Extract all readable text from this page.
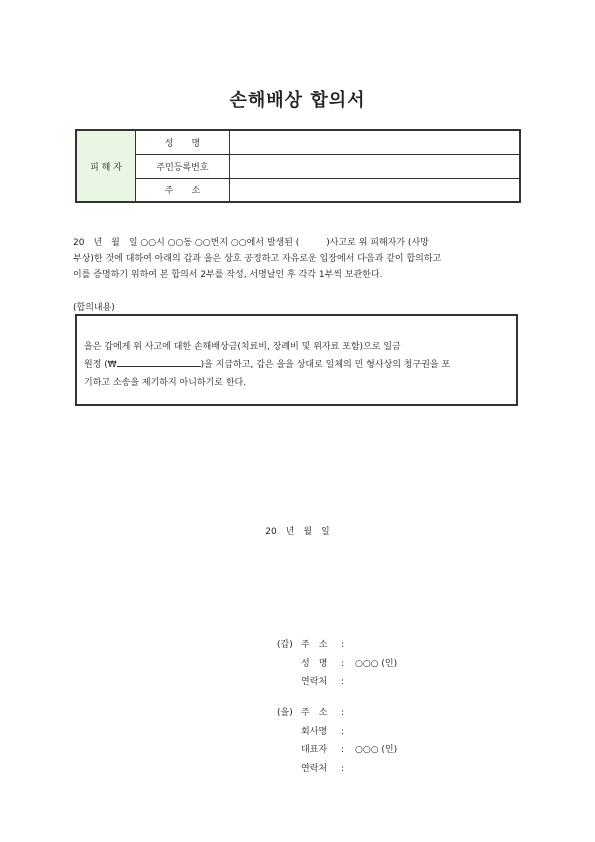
손해배상 합의서
피 해 자	성　　명	
	주민등록번호	
	주　　소	
20　년　월　일 ○○시 ○○동 ○○번지 ○○에서 발생된 (　　　)사고로 위 피해자가 (사망
부상)한 것에 대하여 아래의 갑과 을은 상호 공정하고 자유로운 입장에서 다음과 같이 합의하고
이를 증명하기 위하여 본 합의서 2부를 작성, 서명날인 후 각각 1부씩 보관한다.
(합의내용)
을은 갑에게 위 사고에 대한 손해배상금(치료비, 장례비 및 위자료 포함)으로 일금
원정 (₩	)을 지급하고, 갑은 을을 상대로 일체의 민 형사상의 청구권을 포
기하고 소송을 제기하지 아니하기로 한다.
20　년　월　일
(갑) 주　소 :
성　명 : ○○○ (인)
연락처 :
(을) 주　소 :
회사명 :
대표자 : ○○○ (인)
연락처 :
